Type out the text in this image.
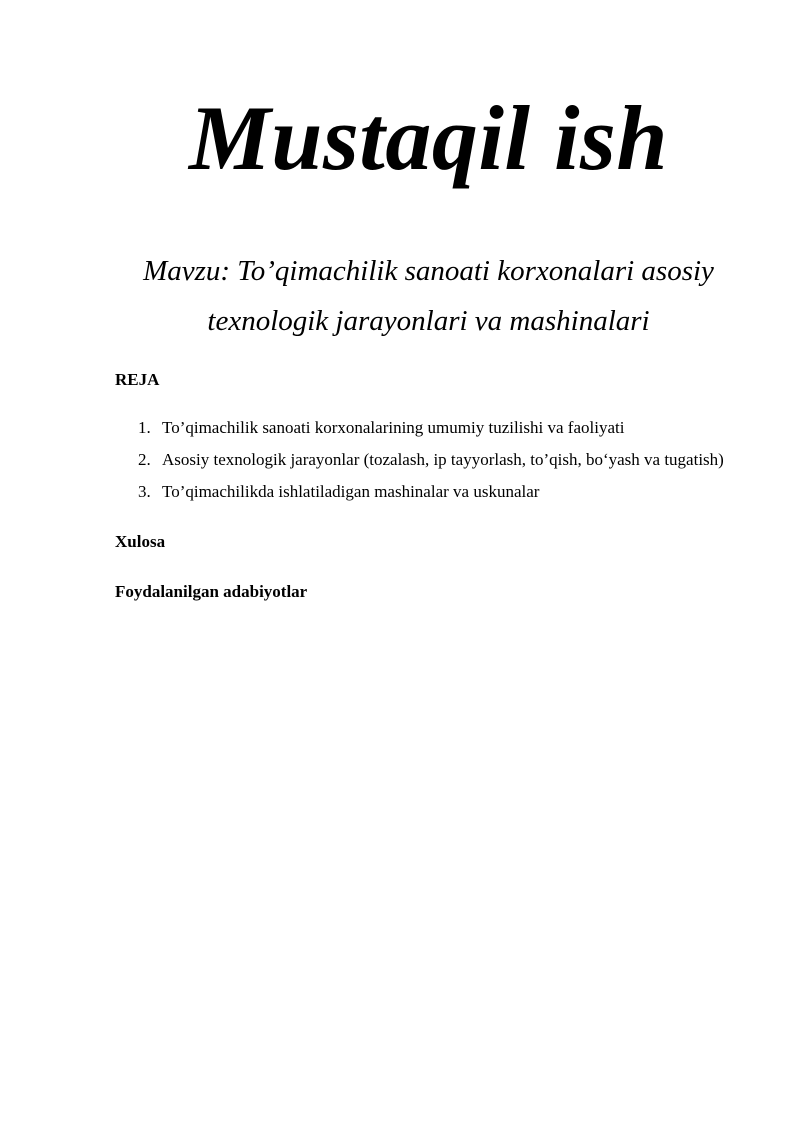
Mustaqil ish
Mavzu: To’qimachilik sanoati korxonalari asosiy
texnologik jarayonlari va mashinalari

REJA

1. To’qimachilik sanoati korxonalarining umumiy tuzilishi va faoliyati
2. Asosiy texnologik jarayonlar (tozalash, ip tayyorlash, to’qish, bo‘yash va tugatish)
3. To’qimachilikda ishlatiladigan mashinalar va uskunalar

Xulosa

Foydalanilgan adabiyotlar
